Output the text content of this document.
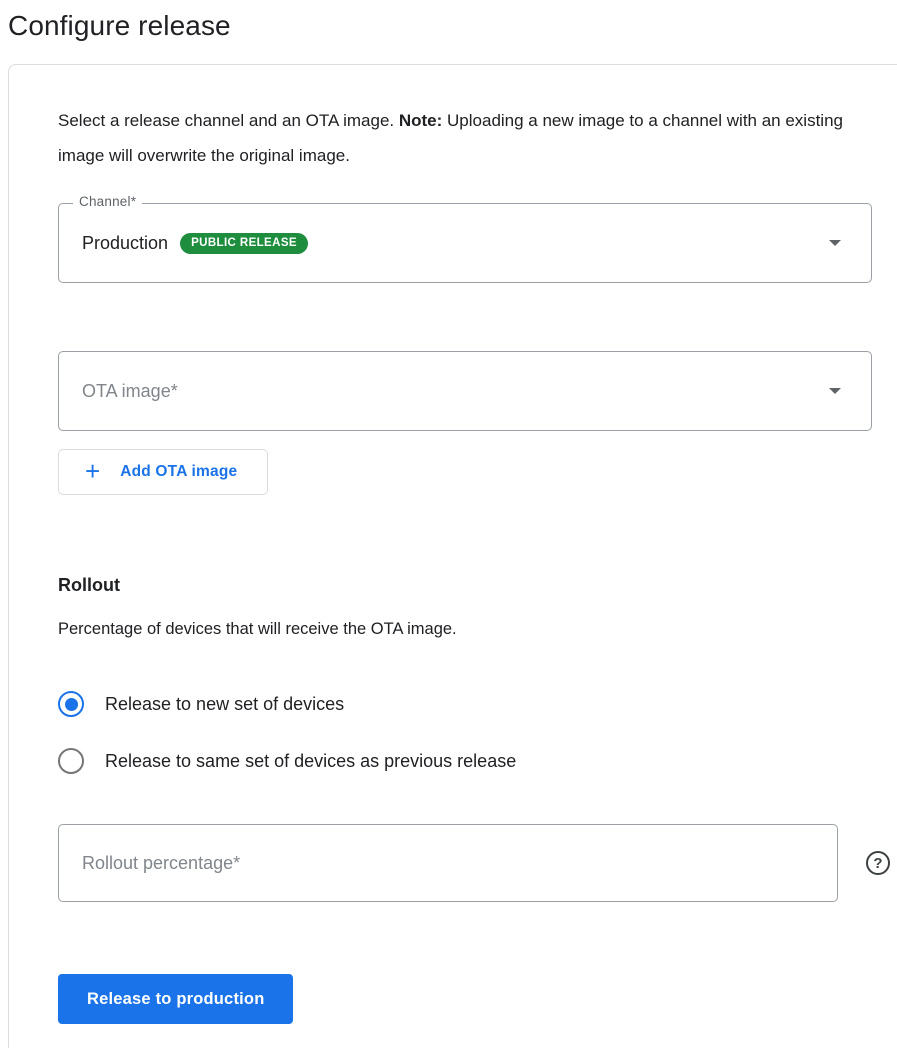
Configure release

Select a release channel and an OTA image. Note: Uploading a new image to a channel with an existing image will overwrite the original image.

Channel*
Production	PUBLIC RELEASE
OTA image*
+ Add OTA image
Rollout

Percentage of devices that will receive the OTA image.

Release to new set of devices
Release to same set of devices as previous release
Rollout percentage*
?
Release to production
